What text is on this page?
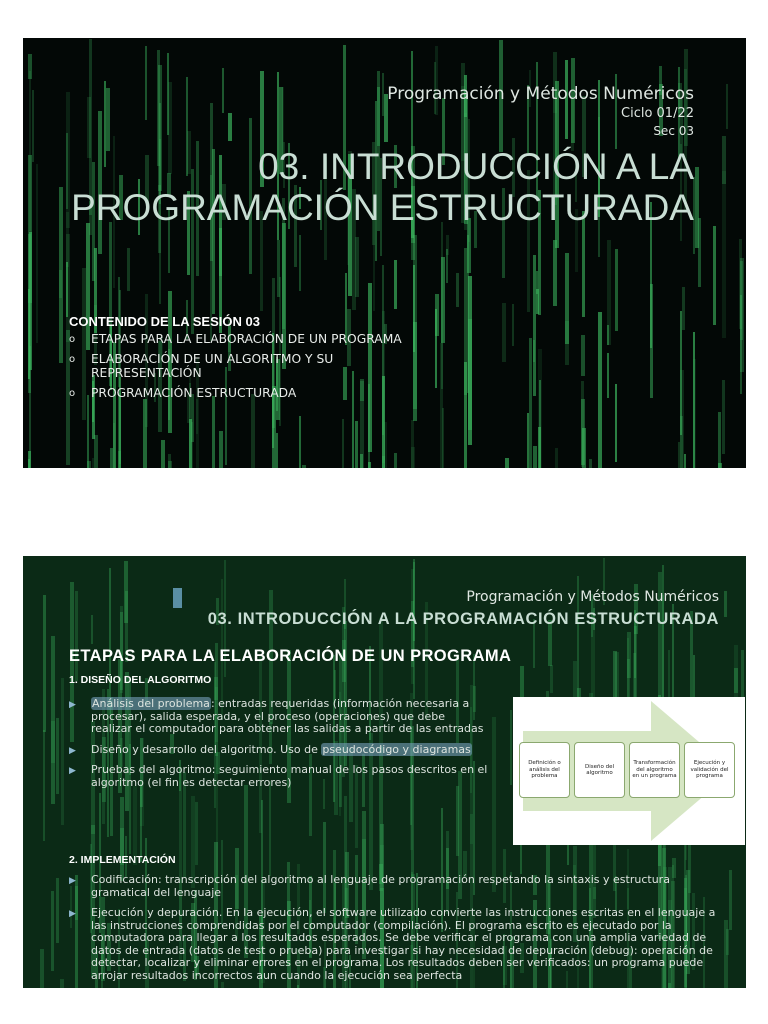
Programación y Métodos Numéricos
Ciclo 01/22
Sec 03
03. INTRODUCCIÓN A LA PROGRAMACIÓN ESTRUCTURADA
CONTENIDO DE LA SESIÓN 03
o ETAPAS PARA LA ELABORACIÓN DE UN PROGRAMA
o ELABORACIÓN DE UN ALGORITMO Y SU REPRESENTACIÓN
o PROGRAMACIÓN ESTRUCTURADA
Programación y Métodos Numéricos
03. INTRODUCCIÓN A LA PROGRAMACIÓN ESTRUCTURADA
ETAPAS PARA LA ELABORACIÓN DE UN PROGRAMA
1. DISEÑO DEL ALGORITMO
▶ Análisis del problema: entradas requeridas (información necesaria a procesar), salida esperada, y el proceso (operaciones) que debe realizar el computador para obtener las salidas a partir de las entradas
▶ Diseño y desarrollo del algoritmo. Uso de pseudocódigo y diagramas
▶ Pruebas del algoritmo: seguimiento manual de los pasos descritos en el algoritmo (el fin es detectar errores)
Definición o análisis del problema
Diseño del algoritmo
Transformación del algoritmo en un programa
Ejecución y validación del programa
2. IMPLEMENTACIÓN
▶ Codificación: transcripción del algoritmo al lenguaje de programación respetando la sintaxis y estructura gramatical del lenguaje
▶ Ejecución y depuración. En la ejecución, el software utilizado convierte las instrucciones escritas en el lenguaje a las instrucciones comprendidas por el computador (compilación). El programa escrito es ejecutado por la computadora para llegar a los resultados esperados. Se debe verificar el programa con una amplia variedad de datos de entrada (datos de test o prueba) para investigar si hay necesidad de depuración (debug): operación de detectar, localizar y eliminar errores en el programa. Los resultados deben ser verificados: un programa puede arrojar resultados incorrectos aun cuando la ejecución sea perfecta
